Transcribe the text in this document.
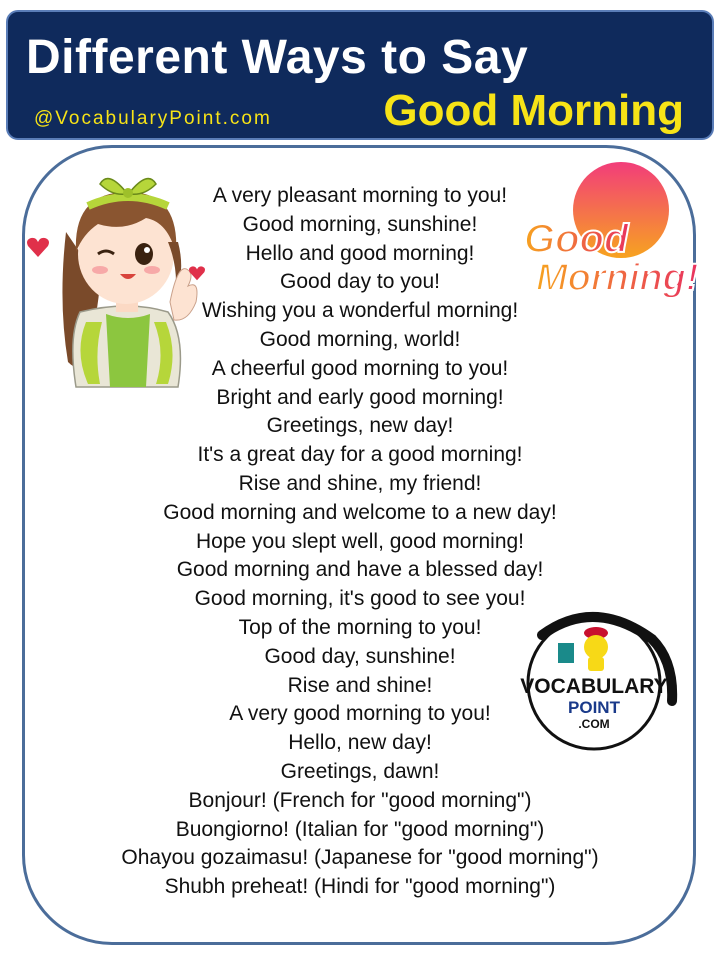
Different Ways to Say
@VocabularyPoint.com	Good Morning
Good
Morning!
A very pleasant morning to you!
Good morning, sunshine!
Hello and good morning!
Good day to you!
Wishing you a wonderful morning!
Good morning, world!
A cheerful good morning to you!
Bright and early good morning!
Greetings, new day!
It's a great day for a good morning!
Rise and shine, my friend!
Good morning and welcome to a new day!
Hope you slept well, good morning!
Good morning and have a blessed day!
Good morning, it's good to see you!
Top of the morning to you!
Good day, sunshine!
Rise and shine!
A very good morning to you!
Hello, new day!
Greetings, dawn!
Bonjour! (French for "good morning")
Buongiorno! (Italian for "good morning")
Ohayou gozaimasu! (Japanese for "good morning")
Shubh preheat! (Hindi for "good morning")
VOCABULARY
POINT
.COM
